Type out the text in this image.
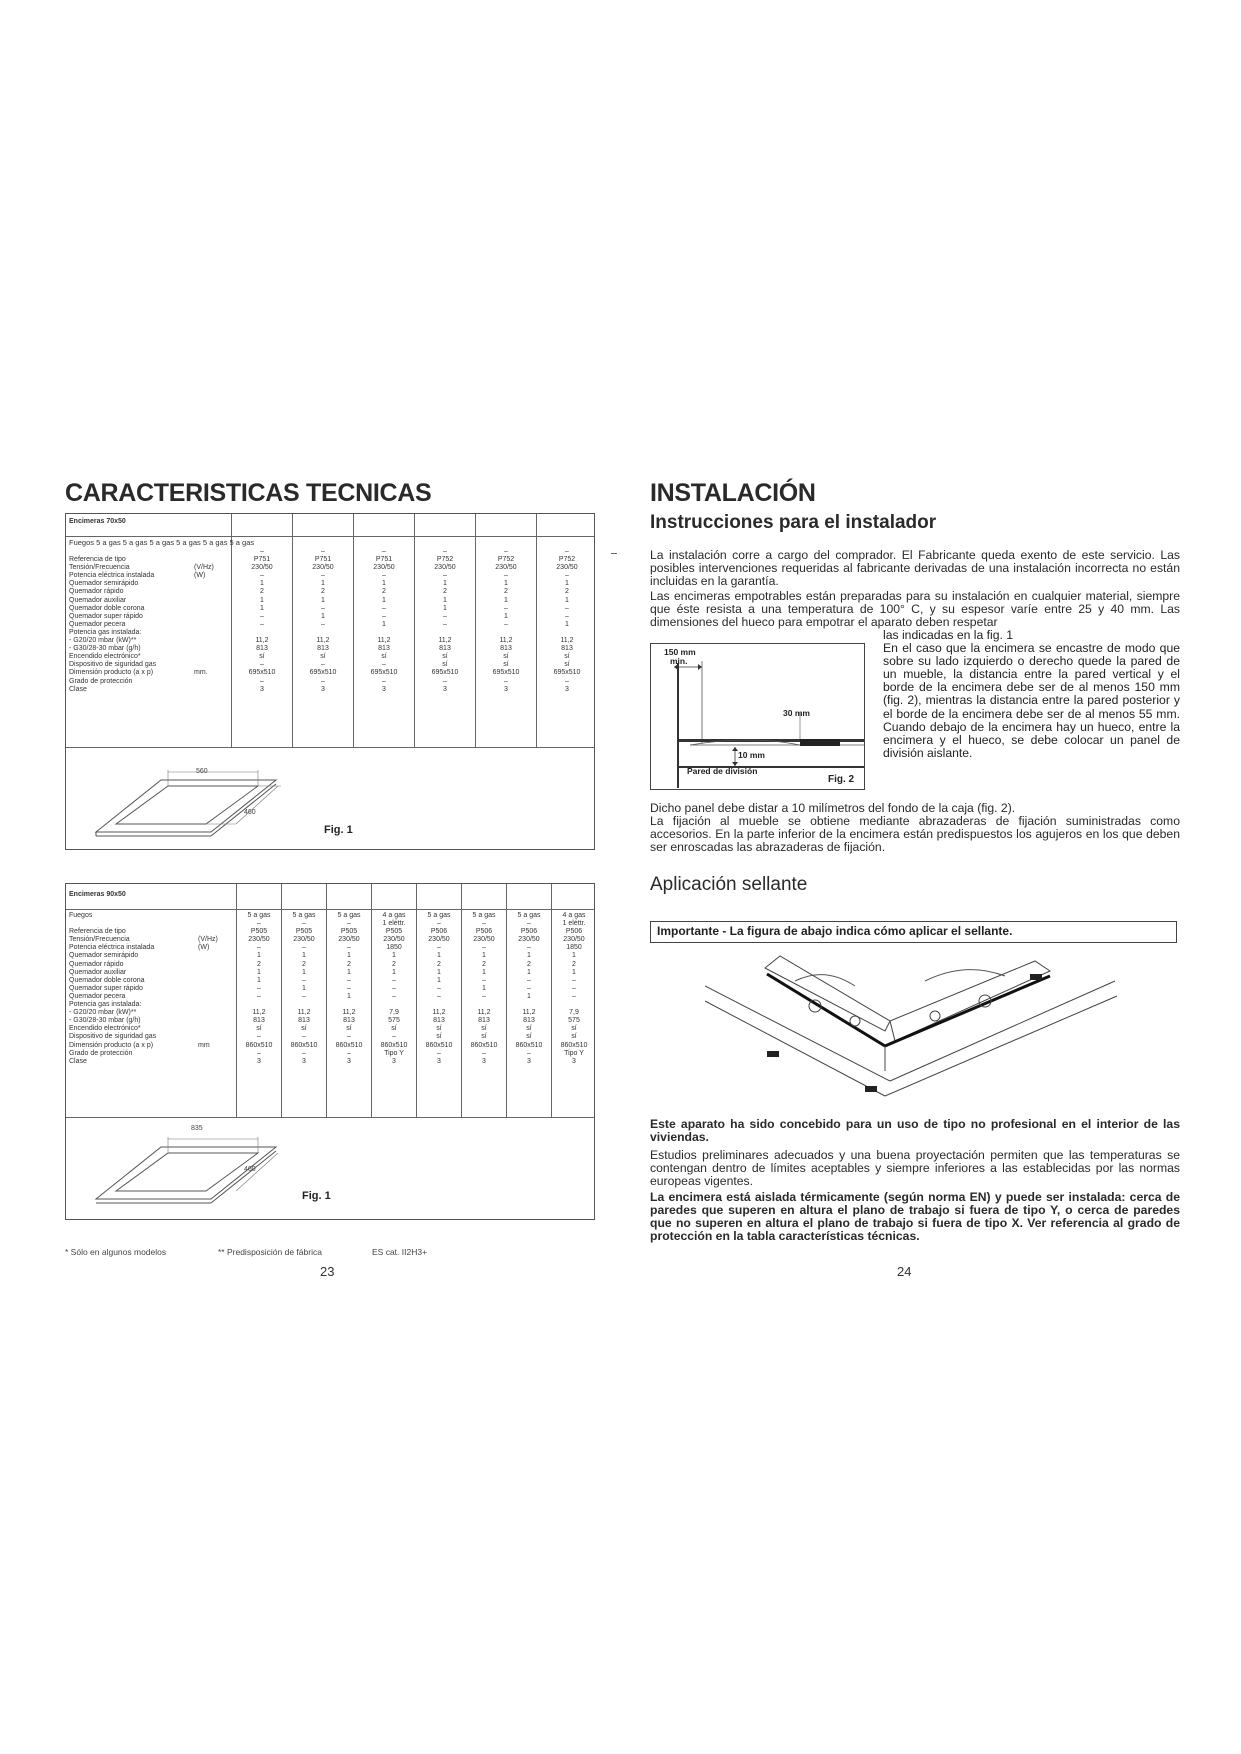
CARACTERISTICAS TECNICAS
Encimeras 70x50
Fuegos 5 a gas 5 a gas 5 a gas 5 a gas 5 a gas 5 a gas

Referencia de tipo
Tensión/Frecuencia
Potencia eléctrica instalada
Quemador semirápido
Quemador rápido
Quemador auxiliar
Quemador doble corona
Quemador super rápido
Quemador pecera
Potencia gas instalada:
- G20/20 mbar (kW)**
- G30/28-30 mbar (g/h)
Encendido electrónico*
Dispositivo de siguridad gas
Dimensión producto (a x p)
Grado de protección
Clase

(V/Hz)
(W)

mm.

–
P751
230/50
–
1
2
1
1
–
–

11,2
813
sí
–
695x510
–
3
–
P751
230/50
–
1
2
1
–
1
–

11,2
813
sí
–
695x510
–
3
–
P751
230/50
–
1
2
1
–
–
1

11,2
813
sí
–
695x510
–
3
–
P752
230/50
–
1
2
1
1
–
–

11,2
813
sí
sí
695x510
–
3
–
P752
230/50
–
1
2
1
–
1
–

11,2
813
sí
sí
695x510
–
3
–
P752
230/50
–
1
2
1
–
–
1

11,2
813
sí
sí
695x510
–
3
560
460
Fig. 1
Encimeras 90x50
Fuegos

Referencia de tipo
Tensión/Frecuencia
Potencia eléctrica instalada
Quemador semirápido
Quemador rápido
Quemador auxiliar
Quemador doble corona
Quemador super rápido
Quemador pecera
Potencia gas instalada:
- G20/20 mbar (kW)**
- G30/28-30 mbar (g/h)
Encendido electrónico*
Dispositivo de siguridad gas
Dimensión producto (a x p)
Grado de protección
Clase

(V/Hz)
(W)

mm

5 a gas
–
P505
230/50
–
1
2
1
1
–
–

11,2
813
sí
–
860x510
–
3
5 a gas
–
P505
230/50
–
1
2
1
–
1
–

11,2
813
sí
–
860x510
–
3
5 a gas
–
P505
230/50
–
1
2
1
–
–
1

11,2
813
sí
–
860x510
–
3
4 a gas
1 eléttr.
P505
230/50
1850
1
2
1
–
–
–

7,9
575
sí
–
860x510
Tipo Y
3
5 a gas
–
P506
230/50
–
1
2
1
1
–
–

11,2
813
sí
sí
860x510
–
3
5 a gas
–
P506
230/50
–
1
2
1
–
1
–

11,2
813
sí
sí
860x510
–
3
5 a gas
–
P506
230/50
–
1
2
1
–
–
1

11,2
813
sí
sí
860x510
–
3
4 a gas
1 eléttr.
P506
230/50
1850
1
2
1
–
–
–

7,9
575
sí
sí
860x510
Tipo Y
3
835
460
Fig. 1
* Sólo en algunos modelos	** Predisposición de fábrica	ES cat. II2H3+
23
INSTALACIÓN
Instrucciones para el instalador

La instalación corre a cargo del comprador. El Fabricante queda exento de este servicio. Las posibles intervenciones requeridas al fabricante derivadas de una instalación incorrecta no están incluidas en la garantía.

Las encimeras empotrables están preparadas para su instalación en cualquier material, siempre que éste resista a una temperatura de 100° C, y su espesor varíe entre 25 y 40 mm. Las dimensiones del hueco para empotrar el aparato deben respetar

150 mm
min.
30 mm
10 mm
Pared de división
Fig. 2
las indicadas en la fig. 1
En el caso que la encimera se encastre de modo que sobre su lado izquierdo o derecho quede la pared de un mueble, la distancia entre la pared vertical y el borde de la encimera debe ser de al menos 150 mm (fig. 2), mientras la distancia entre la pared posterior y el borde de la encimera debe ser de al menos 55 mm. Cuando debajo de la encimera hay un hueco, entre la encimera y el hueco, se debe colocar un panel de división aislante.

Dicho panel debe distar a 10 milímetros del fondo de la caja (fig. 2).

La fijación al mueble se obtiene mediante abrazaderas de fijación suministradas como accesorios. En la parte inferior de la encimera están predispuestos los agujeros en los que deben ser enroscadas las abrazaderas de fijación.

Aplicación sellante
Importante - La figura de abajo indica cómo aplicar el sellante.

Este aparato ha sido concebido para un uso de tipo no profesional en el interior de las viviendas.

Estudios preliminares adecuados y una buena proyectación permiten que las temperaturas se contengan dentro de límites aceptables y siempre inferiores a las establecidas por las normas europeas vigentes.

La encimera está aislada térmicamente (según norma EN) y puede ser instalada: cerca de paredes que superen en altura el plano de trabajo si fuera de tipo Y, o cerca de paredes que no superen en altura el plano de trabajo si fuera de tipo X. Ver referencia al grado de protección en la tabla características técnicas.

24
